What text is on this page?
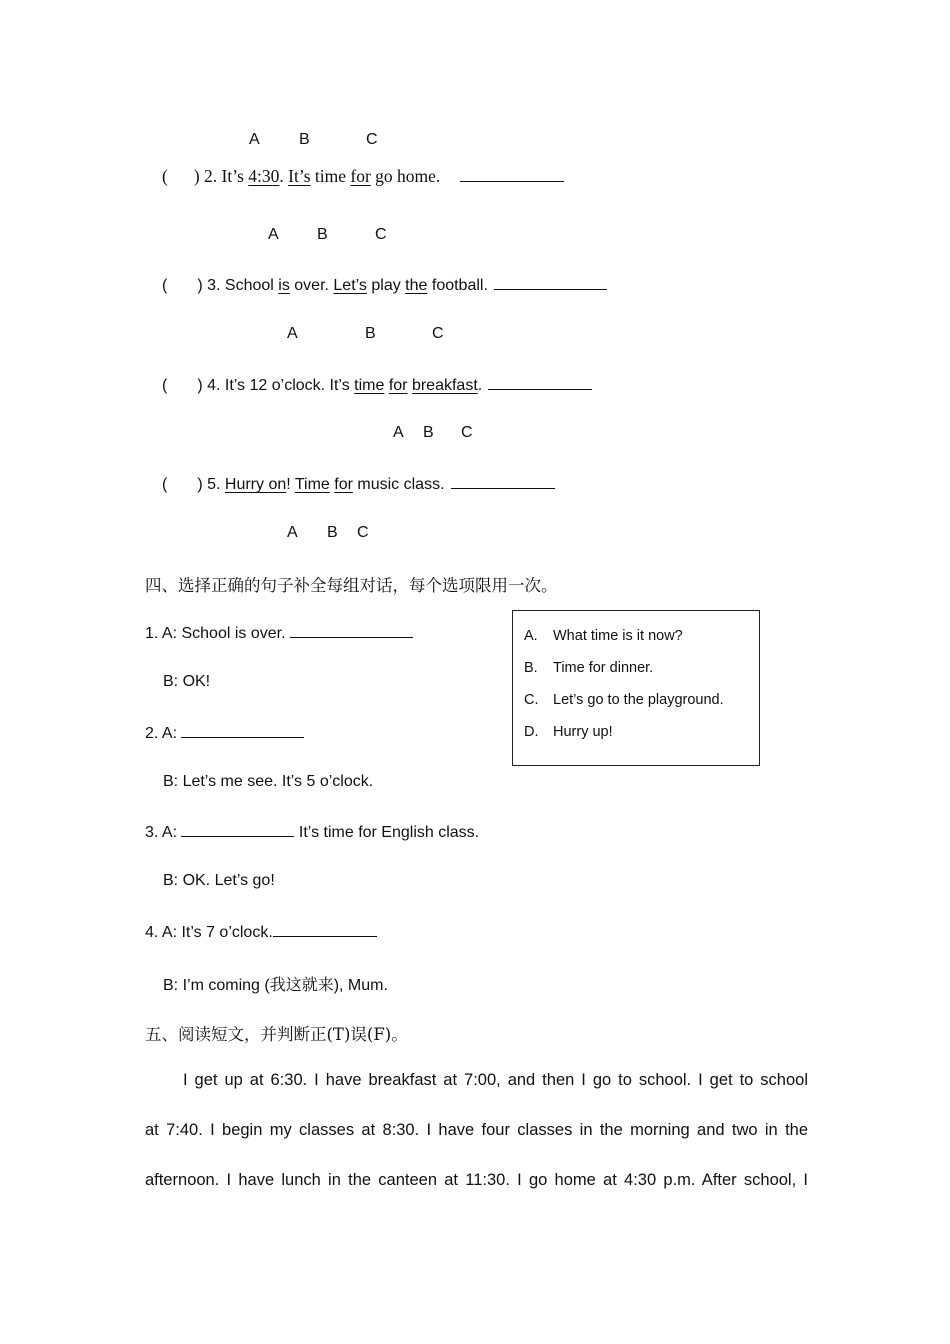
A B	C
( ) 2. It’s 4:30. It’s time for go home.
A B	C
( ) 3. School is over. Let’s play the football.
A	B	C
( ) 4. It’s 12 o’clock. It’s time for breakfast.
A B C
( ) 5. Hurry on! Time for music class.
A B C
四、选择正确的句子补全每组对话，每个选项限用一次。
1. A: School is over.
B: OK!
2. A:
B: Let’s me see. It’s 5 o’clock.
3. A:	It’s time for English class.
B: OK. Let’s go!
4. A: It’s 7 o’clock.
B: I’m coming (我这就来), Mum.
A. What time is it now?
B. Time for dinner.
C. Let’s go to the playground.
D. Hurry up!
五、阅读短文，并判断正(T)误(F)。
I get up at 6:30. I have breakfast at 7:00, and then I go to school. I get to school
at 7:40. I begin my classes at 8:30. I have four classes in the morning and two in the
afternoon. I have lunch in the canteen at 11:30. I go home at 4:30 p.m. After school, I
